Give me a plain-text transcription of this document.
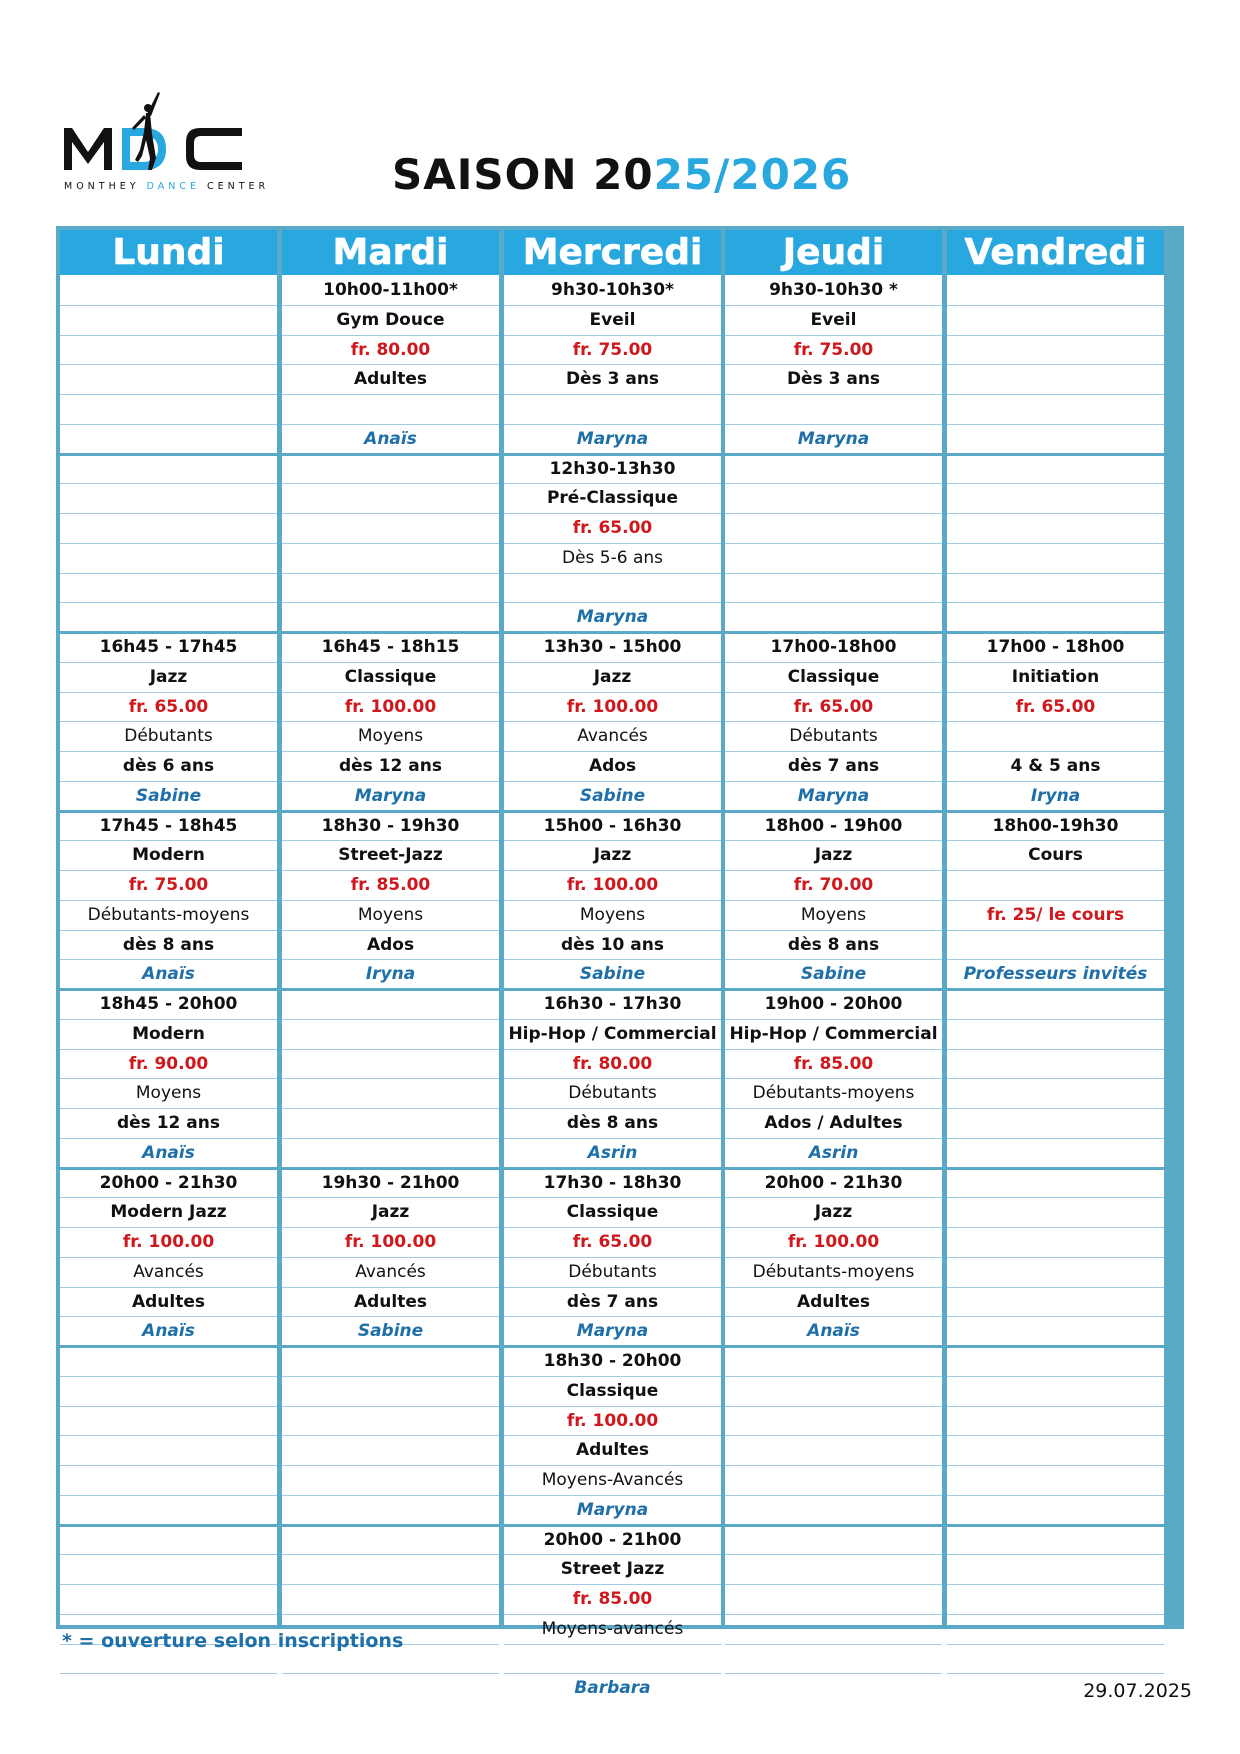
MONTHEY DANCE CENTER	SAISON 2025/2026
Lundi
16h45 - 17h45
Jazz
fr. 65.00
Débutants
dès 6 ans
Sabine
17h45 - 18h45
Modern
fr. 75.00
Débutants-moyens
dès 8 ans
Anaïs
18h45 - 20h00
Modern
fr. 90.00
Moyens
dès 12 ans
Anaïs
20h00 - 21h30
Modern Jazz
fr. 100.00
Avancés
Adultes
Anaïs
Mardi
10h00-11h00*
Gym Douce
fr. 80.00
Adultes
Anaïs
16h45 - 18h15
Classique
fr. 100.00
Moyens
dès 12 ans
Maryna
18h30 - 19h30
Street-Jazz
fr. 85.00
Moyens
Ados
Iryna
19h30 - 21h00
Jazz
fr. 100.00
Avancés
Adultes
Sabine
Mercredi
9h30-10h30*
Eveil
fr. 75.00
Dès 3 ans
Maryna
12h30-13h30
Pré-Classique
fr. 65.00
Dès 5-6 ans
Maryna
13h30 - 15h00
Jazz
fr. 100.00
Avancés
Ados
Sabine
15h00 - 16h30
Jazz
fr. 100.00
Moyens
dès 10 ans
Sabine
16h30 - 17h30
Hip-Hop / Commercial
fr. 80.00
Débutants
dès 8 ans
Asrin
17h30 - 18h30
Classique
fr. 65.00
Débutants
dès 7 ans
Maryna
18h30 - 20h00
Classique
fr. 100.00
Adultes
Moyens-Avancés
Maryna
20h00 - 21h00
Street Jazz
fr. 85.00
Moyens-avancés
Barbara
Jeudi
9h30-10h30 *
Eveil
fr. 75.00
Dès 3 ans
Maryna
17h00-18h00
Classique
fr. 65.00
Débutants
dès 7 ans
Maryna
18h00 - 19h00
Jazz
fr. 70.00
Moyens
dès 8 ans
Sabine
19h00 - 20h00
Hip-Hop / Commercial
fr. 85.00
Débutants-moyens
Ados / Adultes
Asrin
20h00 - 21h30
Jazz
fr. 100.00
Débutants-moyens
Adultes
Anaïs
Vendredi
17h00 - 18h00
Initiation
fr. 65.00
4 & 5 ans
Iryna
18h00-19h30
Cours
fr. 25/ le cours
Professeurs invités
* = ouverture selon inscriptions
29.07.2025
